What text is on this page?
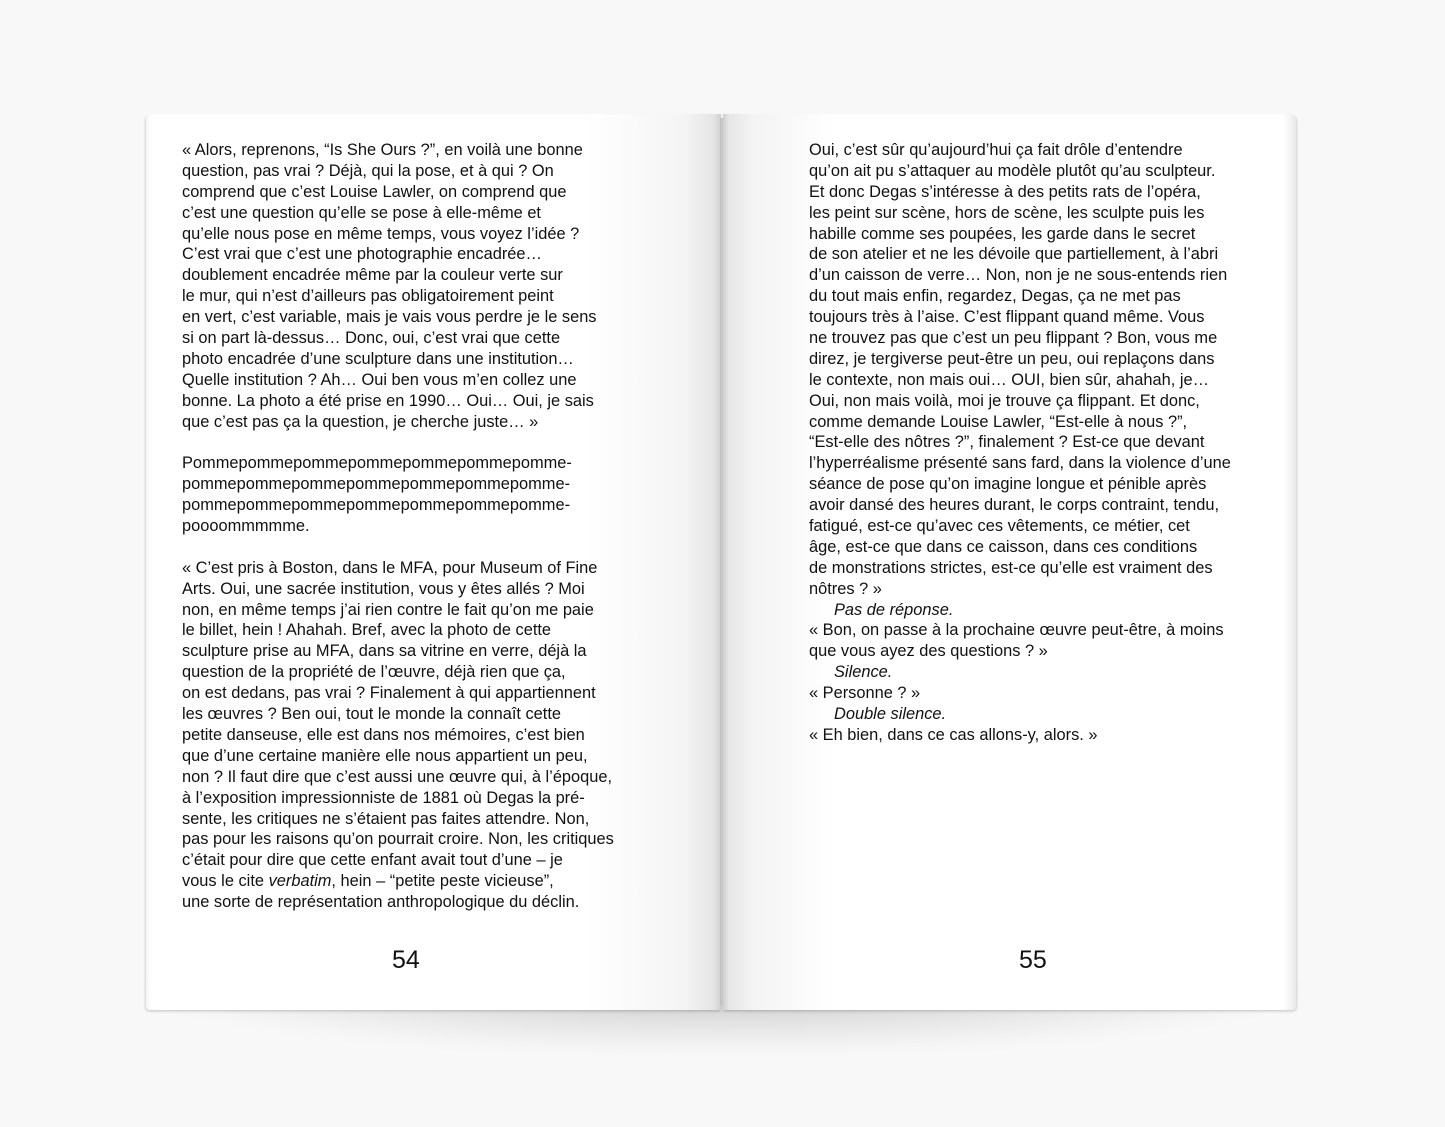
« Alors, reprenons, “Is She Ours ?”, en voilà une bonne
question, pas vrai ? Déjà, qui la pose, et à qui ? On
comprend que c’est Louise Lawler, on comprend que
c’est une question qu’elle se pose à elle-même et
qu’elle nous pose en même temps, vous voyez l’idée ?
C’est vrai que c’est une photographie encadrée…
doublement encadrée même par la couleur verte sur
le mur, qui n’est d’ailleurs pas obligatoirement peint
en vert, c’est variable, mais je vais vous perdre je le sens
si on part là-dessus… Donc, oui, c’est vrai que cette
photo encadrée d’une sculpture dans une institution…
Quelle institution ? Ah… Oui ben vous m’en collez une
bonne. La photo a été prise en 1990… Oui… Oui, je sais
que c’est pas ça la question, je cherche juste… »
Pommepommepommepommepommepommepomme-
pommepommepommepommepommepommepomme-
pommepommepommepommepommepommepomme-
poooommmmme.
« C’est pris à Boston, dans le MFA, pour Museum of Fine
Arts. Oui, une sacrée institution, vous y êtes allés ? Moi
non, en même temps j’ai rien contre le fait qu’on me paie
le billet, hein ! Ahahah. Bref, avec la photo de cette
sculpture prise au MFA, dans sa vitrine en verre, déjà la
question de la propriété de l’œuvre, déjà rien que ça,
on est dedans, pas vrai ? Finalement à qui appartiennent
les œuvres ? Ben oui, tout le monde la connaît cette
petite danseuse, elle est dans nos mémoires, c’est bien
que d’une certaine manière elle nous appartient un peu,
non ? Il faut dire que c’est aussi une œuvre qui, à l’époque,
à l’exposition impressionniste de 1881 où Degas la pré-
sente, les critiques ne s’étaient pas faites attendre. Non,
pas pour les raisons qu’on pourrait croire. Non, les critiques
c’était pour dire que cette enfant avait tout d’une – je
vous le cite verbatim, hein – “petite peste vicieuse”,
une sorte de représentation anthropologique du déclin.
54
Oui, c’est sûr qu’aujourd’hui ça fait drôle d’entendre
qu’on ait pu s’attaquer au modèle plutôt qu’au sculpteur.
Et donc Degas s’intéresse à des petits rats de l’opéra,
les peint sur scène, hors de scène, les sculpte puis les
habille comme ses poupées, les garde dans le secret
de son atelier et ne les dévoile que partiellement, à l’abri
d’un caisson de verre… Non, non je ne sous-entends rien
du tout mais enfin, regardez, Degas, ça ne met pas
toujours très à l’aise. C’est flippant quand même. Vous
ne trouvez pas que c’est un peu flippant ? Bon, vous me
direz, je tergiverse peut-être un peu, oui replaçons dans
le contexte, non mais oui… OUI, bien sûr, ahahah, je…
Oui, non mais voilà, moi je trouve ça flippant. Et donc,
comme demande Louise Lawler, “Est-elle à nous ?”,
“Est-elle des nôtres ?”, finalement ? Est-ce que devant
l’hyperréalisme présenté sans fard, dans la violence d’une
séance de pose qu’on imagine longue et pénible après
avoir dansé des heures durant, le corps contraint, tendu,
fatigué, est-ce qu’avec ces vêtements, ce métier, cet
âge, est-ce que dans ce caisson, dans ces conditions
de monstrations strictes, est-ce qu’elle est vraiment des
nôtres ? »
Pas de réponse.
« Bon, on passe à la prochaine œuvre peut-être, à moins
que vous ayez des questions ? »
Silence.
« Personne ? »
Double silence.
« Eh bien, dans ce cas allons-y, alors. »
55
